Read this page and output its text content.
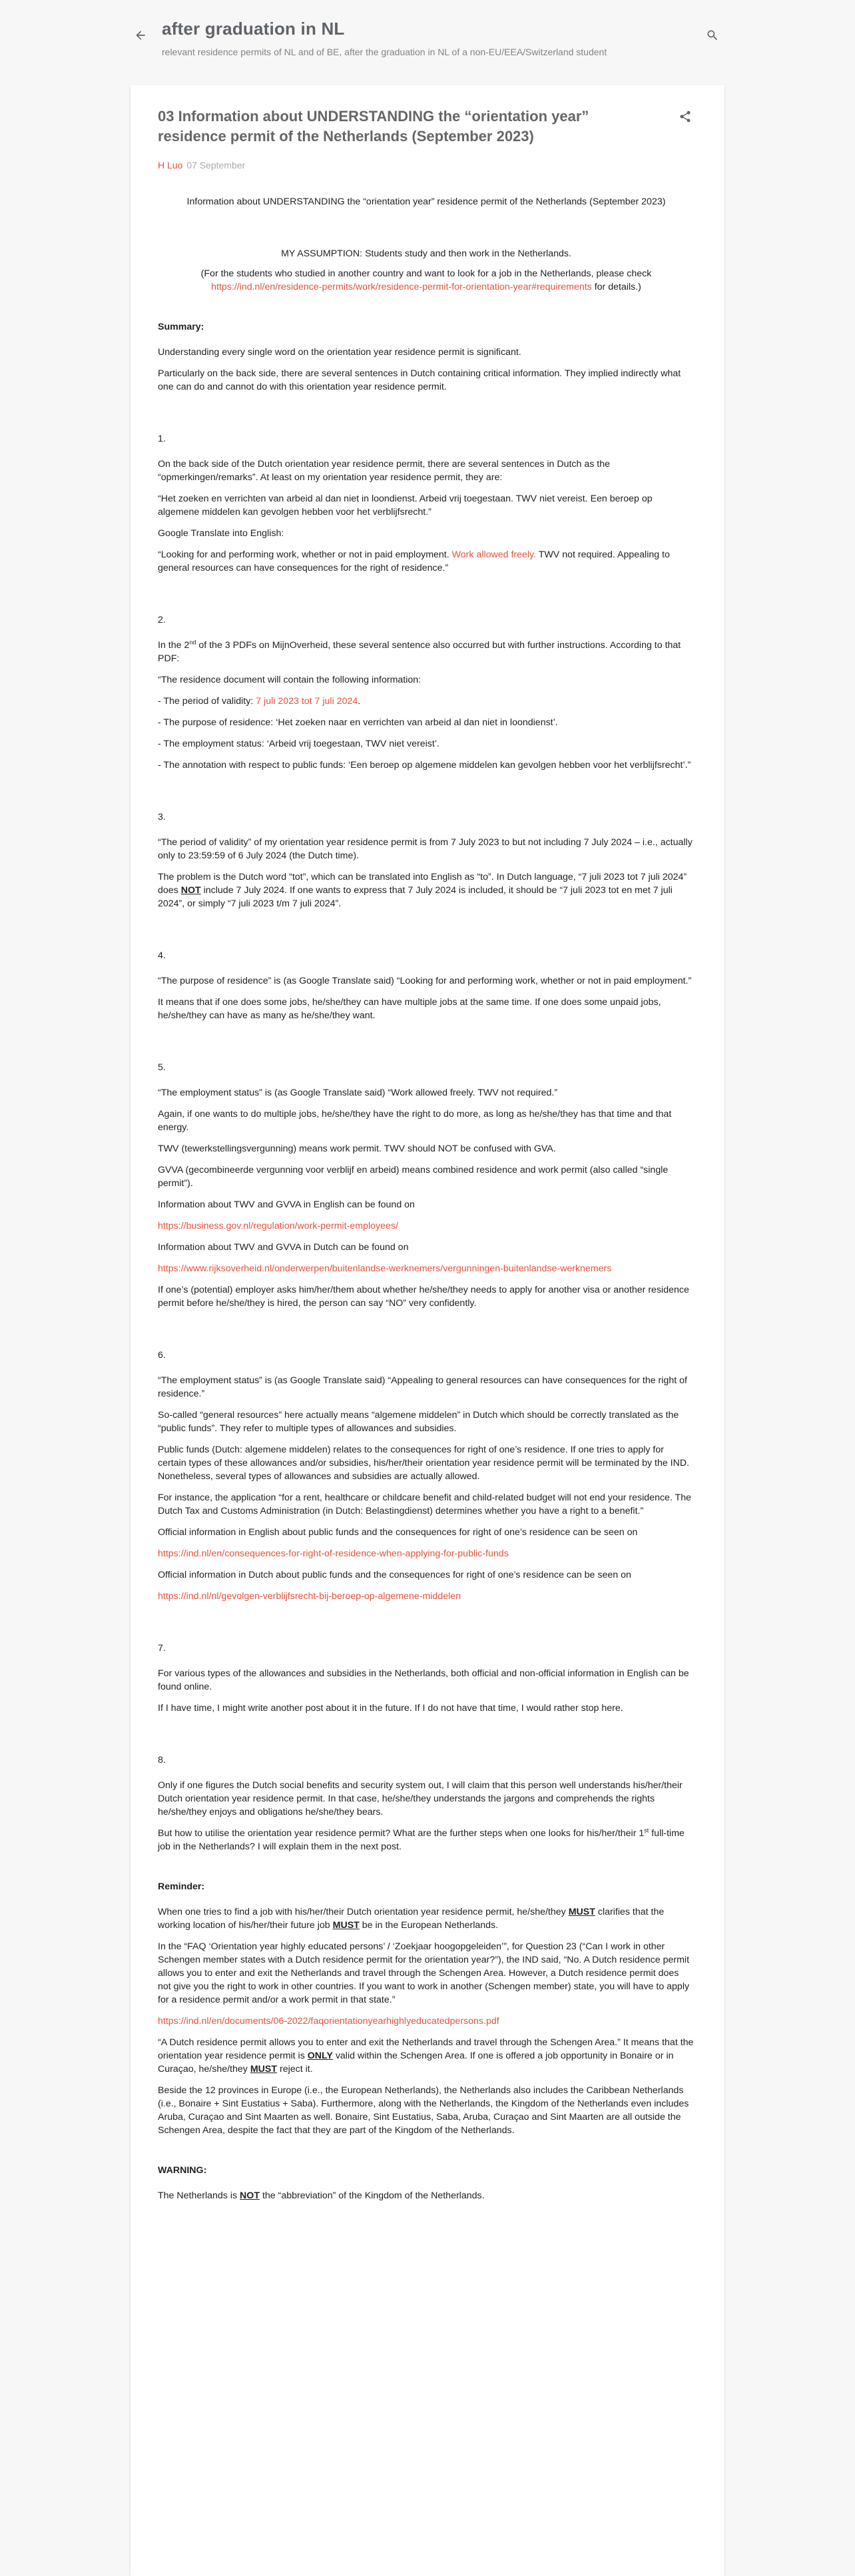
after graduation in NL
relevant residence permits of NL and of BE, after the graduation in NL of a non-EU/EEA/Switzerland student
03 Information about UNDERSTANDING the “orientation year” residence permit of the Netherlands (September 2023)
H Luo 07 September

Information about UNDERSTANDING the “orientation year” residence permit of the Netherlands (September 2023)

MY ASSUMPTION: Students study and then work in the Netherlands.

(For the students who studied in another country and want to look for a job in the Netherlands, please check
https://ind.nl/en/residence-permits/work/residence-permit-for-orientation-year#requirements for details.)

Summary:

Understanding every single word on the orientation year residence permit is significant.

Particularly on the back side, there are several sentences in Dutch containing critical information. They implied indirectly what one can do and cannot do with this orientation year residence permit.

1.

On the back side of the Dutch orientation year residence permit, there are several sentences in Dutch as the “opmerkingen/remarks”. At least on my orientation year residence permit, they are:

“Het zoeken en verrichten van arbeid al dan niet in loondienst. Arbeid vrij toegestaan. TWV niet vereist. Een beroep op algemene middelen kan gevolgen hebben voor het verblijfsrecht.”

Google Translate into English:

“Looking for and performing work, whether or not in paid employment. Work allowed freely. TWV not required. Appealing to general resources can have consequences for the right of residence.”

2.

In the 2nd of the 3 PDFs on MijnOverheid, these several sentence also occurred but with further instructions. According to that PDF:

“The residence document will contain the following information:

- The period of validity: 7 juli 2023 tot 7 juli 2024.

- The purpose of residence: ‘Het zoeken naar en verrichten van arbeid al dan niet in loondienst’.

- The employment status: ‘Arbeid vrij toegestaan, TWV niet vereist’.

- The annotation with respect to public funds: ‘Een beroep op algemene middelen kan gevolgen hebben voor het verblijfsrecht’.”

3.

“The period of validity” of my orientation year residence permit is from 7 July 2023 to but not including 7 July 2024 – i.e., actually only to 23:59:59 of 6 July 2024 (the Dutch time).

The problem is the Dutch word “tot”, which can be translated into English as “to”. In Dutch language, “7 juli 2023 tot 7 juli 2024” does NOT include 7 July 2024. If one wants to express that 7 July 2024 is included, it should be “7 juli 2023 tot en met 7 juli 2024”, or simply “7 juli 2023 t/m 7 juli 2024”.

4.

“The purpose of residence” is (as Google Translate said) “Looking for and performing work, whether or not in paid employment.”

It means that if one does some jobs, he/she/they can have multiple jobs at the same time. If one does some unpaid jobs, he/she/they can have as many as he/she/they want.

5.

“The employment status” is (as Google Translate said) “Work allowed freely. TWV not required.”

Again, if one wants to do multiple jobs, he/she/they have the right to do more, as long as he/she/they has that time and that energy.

TWV (tewerkstellingsvergunning) means work permit. TWV should NOT be confused with GVA.

GVVA (gecombineerde vergunning voor verblijf en arbeid) means combined residence and work permit (also called “single permit”).

Information about TWV and GVVA in English can be found on

https://business.gov.nl/regulation/work-permit-employees/

Information about TWV and GVVA in Dutch can be found on

https://www.rijksoverheid.nl/onderwerpen/buitenlandse-werknemers/vergunningen-buitenlandse-werknemers

If one’s (potential) employer asks him/her/them about whether he/she/they needs to apply for another visa or another residence permit before he/she/they is hired, the person can say “NO” very confidently.

6.

“The employment status” is (as Google Translate said) “Appealing to general resources can have consequences for the right of residence.”

So-called “general resources” here actually means “algemene middelen” in Dutch which should be correctly translated as the “public funds”. They refer to multiple types of allowances and subsidies.

Public funds (Dutch: algemene middelen) relates to the consequences for right of one’s residence. If one tries to apply for certain types of these allowances and/or subsidies, his/her/their orientation year residence permit will be terminated by the IND. Nonetheless, several types of allowances and subsidies are actually allowed.

For instance, the application “for a rent, healthcare or childcare benefit and child-related budget will not end your residence. The Dutch Tax and Customs Administration (in Dutch: Belastingdienst) determines whether you have a right to a benefit.”

Official information in English about public funds and the consequences for right of one’s residence can be seen on

https://ind.nl/en/consequences-for-right-of-residence-when-applying-for-public-funds

Official information in Dutch about public funds and the consequences for right of one’s residence can be seen on

https://ind.nl/nl/gevolgen-verblijfsrecht-bij-beroep-op-algemene-middelen

7.

For various types of the allowances and subsidies in the Netherlands, both official and non-official information in English can be found online.

If I have time, I might write another post about it in the future. If I do not have that time, I would rather stop here.

8.

Only if one figures the Dutch social benefits and security system out, I will claim that this person well understands his/her/their Dutch orientation year residence permit. In that case, he/she/they understands the jargons and comprehends the rights he/she/they enjoys and obligations he/she/they bears.

But how to utilise the orientation year residence permit? What are the further steps when one looks for his/her/their 1st full-time job in the Netherlands? I will explain them in the next post.

Reminder:

When one tries to find a job with his/her/their Dutch orientation year residence permit, he/she/they MUST clarifies that the working location of his/her/their future job MUST be in the European Netherlands.

In the “FAQ ‘Orientation year highly educated persons’ / ‘Zoekjaar hoogopgeleiden’”, for Question 23 (“Can I work in other Schengen member states with a Dutch residence permit for the orientation year?”), the IND said, “No. A Dutch residence permit allows you to enter and exit the Netherlands and travel through the Schengen Area. However, a Dutch residence permit does not give you the right to work in other countries. If you want to work in another (Schengen member) state, you will have to apply for a residence permit and/or a work permit in that state.”

https://ind.nl/en/documents/06-2022/faqorientationyearhighlyeducatedpersons.pdf

“A Dutch residence permit allows you to enter and exit the Netherlands and travel through the Schengen Area.” It means that the orientation year residence permit is ONLY valid within the Schengen Area. If one is offered a job opportunity in Bonaire or in Curaçao, he/she/they MUST reject it.

Beside the 12 provinces in Europe (i.e., the European Netherlands), the Netherlands also includes the Caribbean Netherlands (i.e., Bonaire + Sint Eustatius + Saba). Furthermore, along with the Netherlands, the Kingdom of the Netherlands even includes Aruba, Curaçao and Sint Maarten as well. Bonaire, Sint Eustatius, Saba, Aruba, Curaçao and Sint Maarten are all outside the Schengen Area, despite the fact that they are part of the Kingdom of the Netherlands.

WARNING:

The Netherlands is NOT the “abbreviation” of the Kingdom of the Netherlands.
